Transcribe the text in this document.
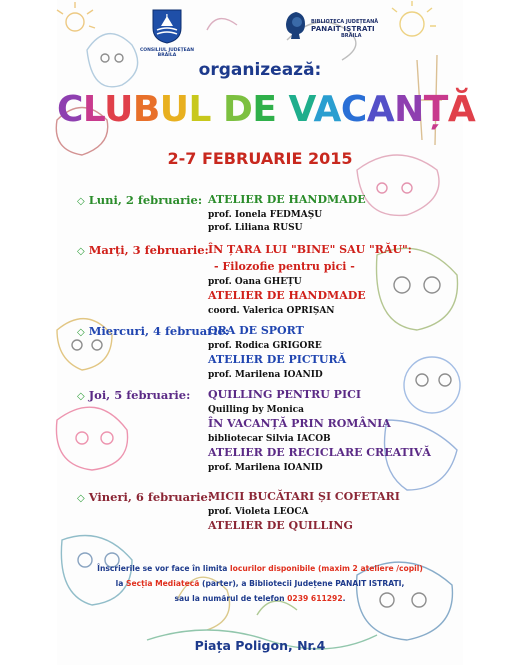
CONSILIUL JUDEȚEAN
BRĂILA
BIBLIOTECA JUDEȚEANĂ
PANAIT ISTRATI
BRĂILA
organizează:
CLUBUL DE VACANȚĂ
2-7 FEBRUARIE 2015
◇ Luni, 2 februarie: ATELIER DE HANDMADE
prof. Ionela FEDMAȘU
prof. Liliana RUSU
◇ Marți, 3 februarie: ÎN ȚARA LUI "BINE" SAU "RĂU":
- Filozofie pentru pici -
prof. Oana GHEȚU
ATELIER DE HANDMADE
coord. Valerica OPRIȘAN
◇ Miercuri, 4 februarie:
ORA DE SPORT
prof. Rodica GRIGORE
ATELIER DE PICTURĂ
prof. Marilena IOANID
◇ Joi, 5 februarie: QUILLING PENTRU PICI
Quilling by Monica
ÎN VACANȚĂ PRIN ROMÂNIA
bibliotecar Silvia IACOB
ATELIER DE RECICLARE CREATIVĂ
prof. Marilena IOANID
◇ Vineri, 6 februarie:
MICII BUCĂTARI ȘI COFETARI
prof. Violeta LEOCA
ATELIER DE QUILLING
Înscrierile se vor face în limita locurilor disponibile (maxim 2 ateliere /copil)
la Secția Mediatecă (parter), a Bibliotecii Județene PANAIT ISTRATI,
sau la numărul de telefon 0239 611292.
Piața Poligon, Nr.4
